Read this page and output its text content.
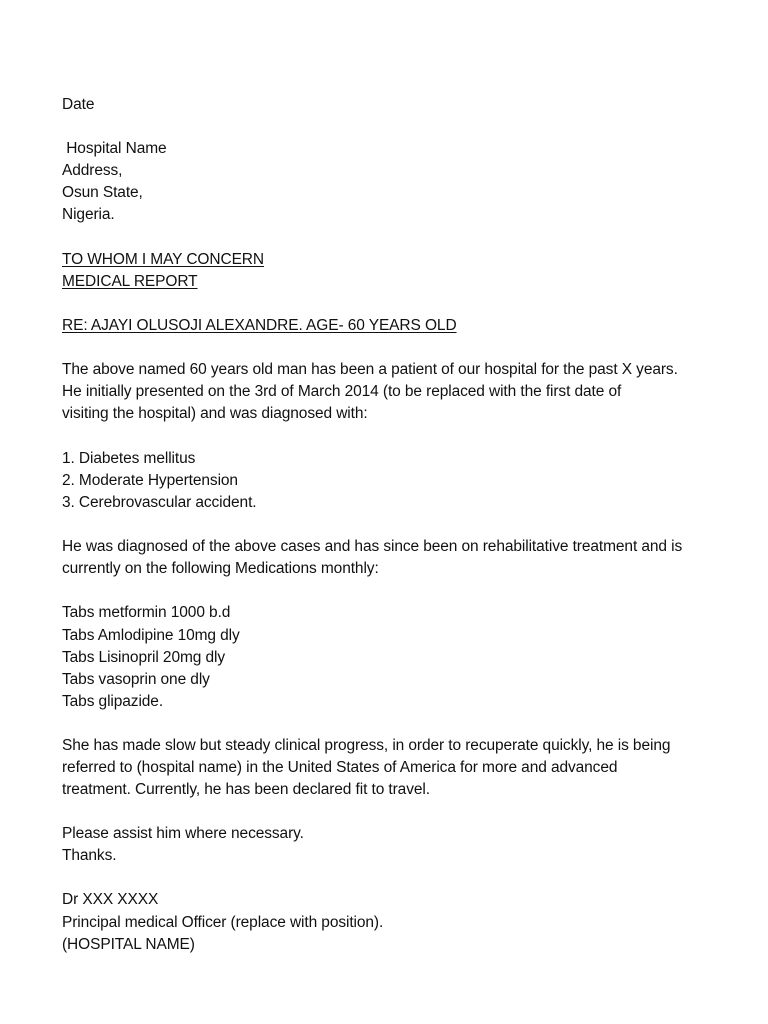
Date
Hospital Name
Address,
Osun State,
Nigeria.
TO WHOM I MAY CONCERN
MEDICAL REPORT
RE: AJAYI OLUSOJI ALEXANDRE. AGE- 60 YEARS OLD
The above named 60 years old man has been a patient of our hospital for the past X years.
He initially presented on the 3rd of March 2014 (to be replaced with the first date of
visiting the hospital) and was diagnosed with:
1. Diabetes mellitus
2. Moderate Hypertension
3. Cerebrovascular accident.
He was diagnosed of the above cases and has since been on rehabilitative treatment and is
currently on the following Medications monthly:
Tabs metformin 1000 b.d
Tabs Amlodipine 10mg dly
Tabs Lisinopril 20mg dly
Tabs vasoprin one dly
Tabs glipazide.
She has made slow but steady clinical progress, in order to recuperate quickly, he is being
referred to (hospital name) in the United States of America for more and advanced
treatment. Currently, he has been declared fit to travel.
Please assist him where necessary.
Thanks.
Dr XXX XXXX
Principal medical Officer (replace with position).
(HOSPITAL NAME)
